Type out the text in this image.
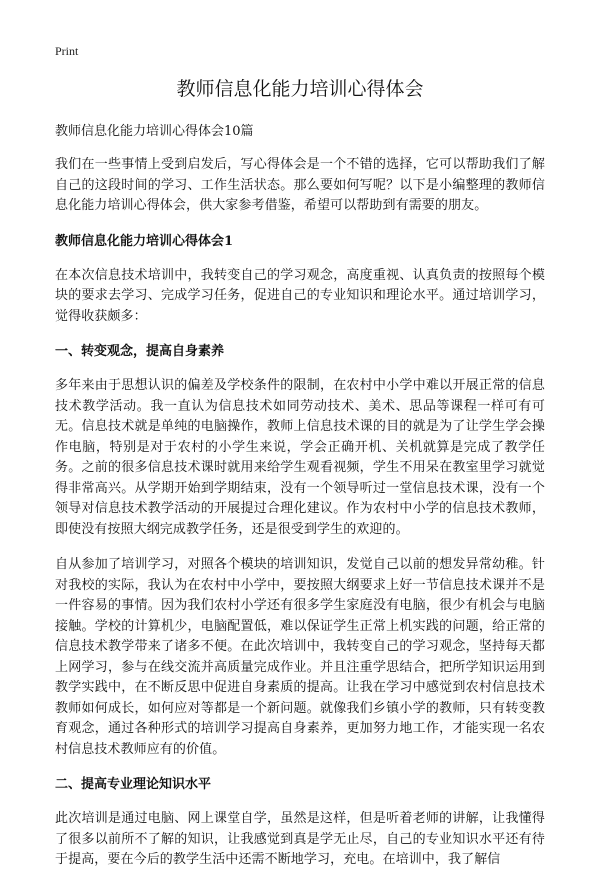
Print
教师信息化能力培训心得体会
教师信息化能力培训心得体会10篇

我们在一些事情上受到启发后，写心得体会是一个不错的选择，它可以帮助我们了解自己的这段时间的学习、工作生活状态。那么要如何写呢？以下是小编整理的教师信息化能力培训心得体会，供大家参考借鉴，希望可以帮助到有需要的朋友。

教师信息化能力培训心得体会1

在本次信息技术培训中，我转变自己的学习观念，高度重视、认真负责的按照每个模块的要求去学习、完成学习任务，促进自己的专业知识和理论水平。通过培训学习，觉得收获颇多：

一、转变观念，提高自身素养

多年来由于思想认识的偏差及学校条件的限制，在农村中小学中难以开展正常的信息技术教学活动。我一直认为信息技术如同劳动技术、美术、思品等课程一样可有可无。信息技术就是单纯的电脑操作，教师上信息技术课的目的就是为了让学生学会操作电脑，特别是对于农村的小学生来说，学会正确开机、关机就算是完成了教学任务。之前的很多信息技术课时就用来给学生观看视频，学生不用呆在教室里学习就觉得非常高兴。从学期开始到学期结束，没有一个领导听过一堂信息技术课，没有一个领导对信息技术教学活动的开展提过合理化建议。作为农村中小学的信息技术教师，即使没有按照大纲完成教学任务，还是很受到学生的欢迎的。

自从参加了培训学习，对照各个模块的培训知识，发觉自己以前的想发异常幼稚。针对我校的实际，我认为在农村中小学中，要按照大纲要求上好一节信息技术课并不是一件容易的事情。因为我们农村小学还有很多学生家庭没有电脑，很少有机会与电脑接触。学校的计算机少，电脑配置低，难以保证学生正常上机实践的问题，给正常的信息技术教学带来了诸多不便。在此次培训中，我转变自己的学习观念，坚持每天都上网学习，参与在线交流并高质量完成作业。并且注重学思结合，把所学知识运用到教学实践中，在不断反思中促进自身素质的提高。让我在学习中感觉到农村信息技术教师如何成长，如何应对等都是一个新问题。就像我们乡镇小学的教师，只有转变教育观念，通过各种形式的培训学习提高自身素养，更加努力地工作，才能实现一名农村信息技术教师应有的价值。

二、提高专业理论知识水平

此次培训是通过电脑、网上课堂自学，虽然是这样，但是听着老师的讲解，让我懂得了很多以前所不了解的知识，让我感觉到真是学无止尽，自己的专业知识水平还有待于提高，要在今后的教学生活中还需不断地学习，充电。在培训中，我了解信
